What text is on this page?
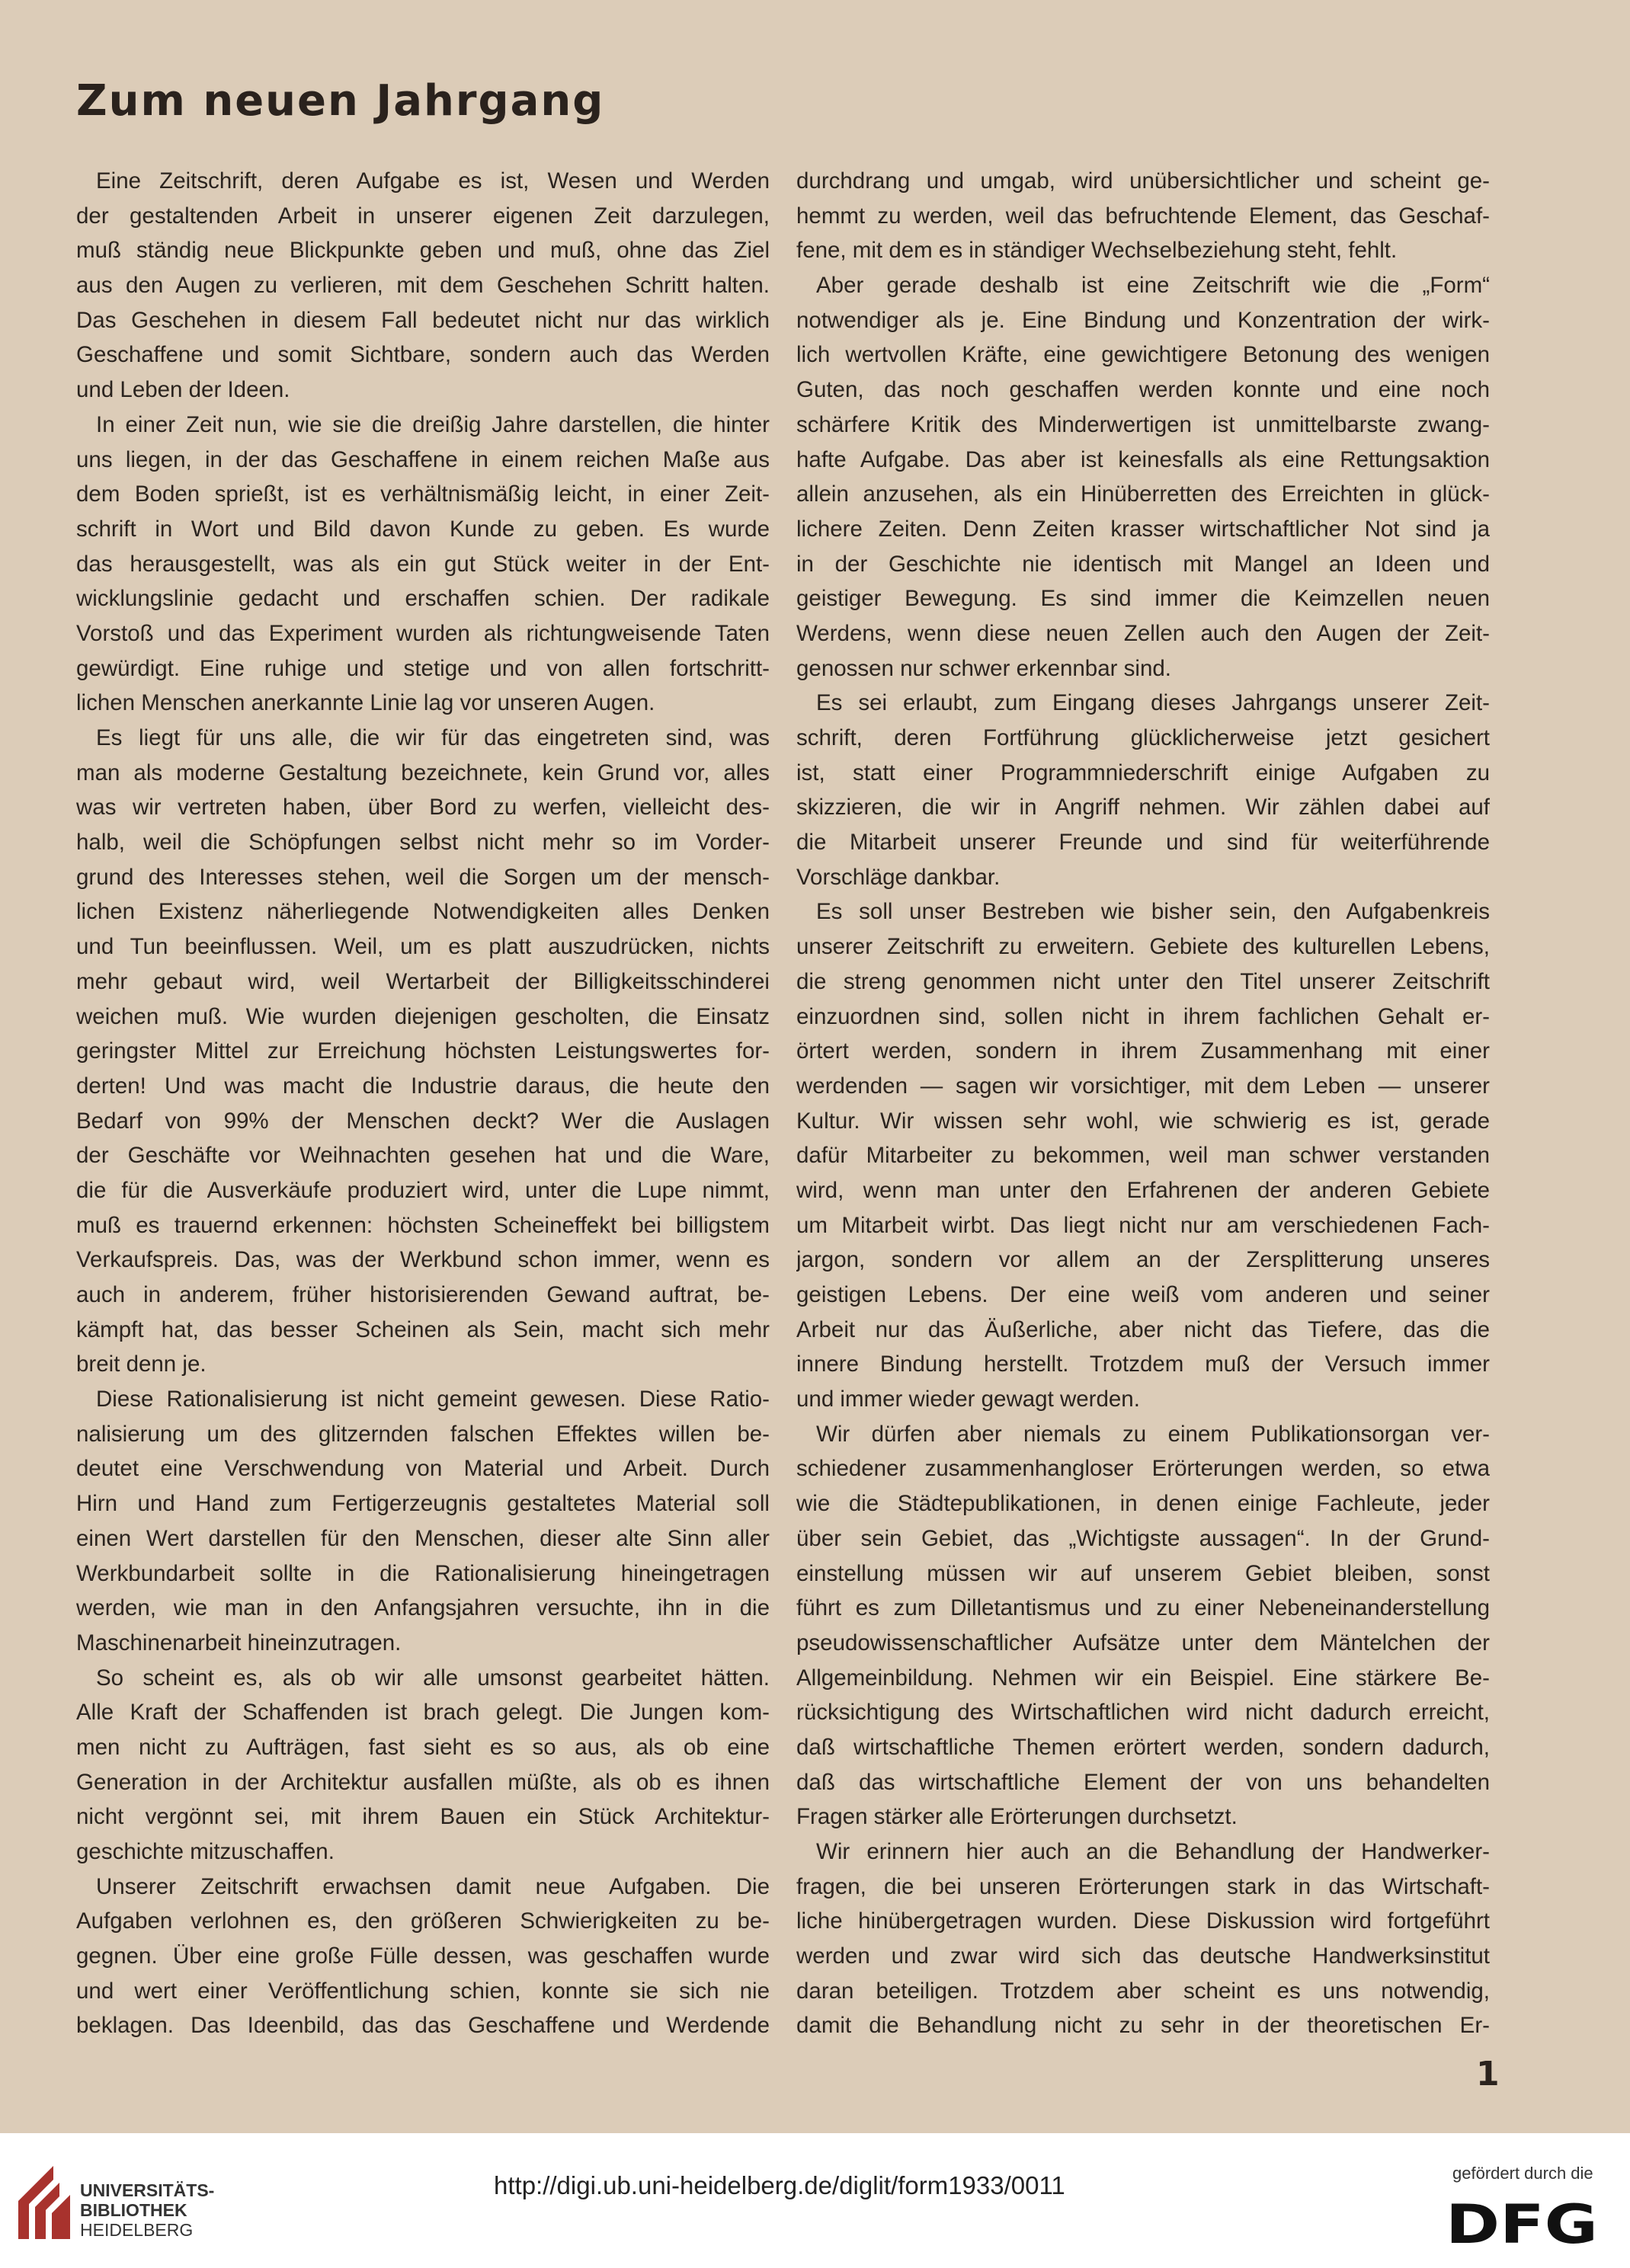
Zum neuen Jahrgang
Eine Zeitschrift, deren Aufgabe es ist, Wesen und Werden
der gestaltenden Arbeit in unserer eigenen Zeit darzulegen,
muß ständig neue Blickpunkte geben und muß, ohne das Ziel
aus den Augen zu verlieren, mit dem Geschehen Schritt halten.
Das Geschehen in diesem Fall bedeutet nicht nur das wirklich
Geschaffene und somit Sichtbare, sondern auch das Werden
und Leben der Ideen.
In einer Zeit nun, wie sie die dreißig Jahre darstellen, die hinter
uns liegen, in der das Geschaffene in einem reichen Maße aus
dem Boden sprießt, ist es verhältnismäßig leicht, in einer Zeit-
schrift in Wort und Bild davon Kunde zu geben. Es wurde
das herausgestellt, was als ein gut Stück weiter in der Ent-
wicklungslinie gedacht und erschaffen schien. Der radikale
Vorstoß und das Experiment wurden als richtungweisende Taten
gewürdigt. Eine ruhige und stetige und von allen fortschritt-
lichen Menschen anerkannte Linie lag vor unseren Augen.
Es liegt für uns alle, die wir für das eingetreten sind, was
man als moderne Gestaltung bezeichnete, kein Grund vor, alles
was wir vertreten haben, über Bord zu werfen, vielleicht des-
halb, weil die Schöpfungen selbst nicht mehr so im Vorder-
grund des Interesses stehen, weil die Sorgen um der mensch-
lichen Existenz näherliegende Notwendigkeiten alles Denken
und Tun beeinflussen. Weil, um es platt auszudrücken, nichts
mehr gebaut wird, weil Wertarbeit der Billigkeitsschinderei
weichen muß. Wie wurden diejenigen gescholten, die Einsatz
geringster Mittel zur Erreichung höchsten Leistungswertes for-
derten! Und was macht die Industrie daraus, die heute den
Bedarf von 99% der Menschen deckt? Wer die Auslagen
der Geschäfte vor Weihnachten gesehen hat und die Ware,
die für die Ausverkäufe produziert wird, unter die Lupe nimmt,
muß es trauernd erkennen: höchsten Scheineffekt bei billigstem
Verkaufspreis. Das, was der Werkbund schon immer, wenn es
auch in anderem, früher historisierenden Gewand auftrat, be-
kämpft hat, das besser Scheinen als Sein, macht sich mehr
breit denn je.
Diese Rationalisierung ist nicht gemeint gewesen. Diese Ratio-
nalisierung um des glitzernden falschen Effektes willen be-
deutet eine Verschwendung von Material und Arbeit. Durch
Hirn und Hand zum Fertigerzeugnis gestaltetes Material soll
einen Wert darstellen für den Menschen, dieser alte Sinn aller
Werkbundarbeit sollte in die Rationalisierung hineingetragen
werden, wie man in den Anfangsjahren versuchte, ihn in die
Maschinenarbeit hineinzutragen.
So scheint es, als ob wir alle umsonst gearbeitet hätten.
Alle Kraft der Schaffenden ist brach gelegt. Die Jungen kom-
men nicht zu Aufträgen, fast sieht es so aus, als ob eine
Generation in der Architektur ausfallen müßte, als ob es ihnen
nicht vergönnt sei, mit ihrem Bauen ein Stück Architektur-
geschichte mitzuschaffen.
Unserer Zeitschrift erwachsen damit neue Aufgaben. Die
Aufgaben verlohnen es, den größeren Schwierigkeiten zu be-
gegnen. Über eine große Fülle dessen, was geschaffen wurde
und wert einer Veröffentlichung schien, konnte sie sich nie
beklagen. Das Ideenbild, das das Geschaffene und Werdende
durchdrang und umgab, wird unübersichtlicher und scheint ge-
hemmt zu werden, weil das befruchtende Element, das Geschaf-
fene, mit dem es in ständiger Wechselbeziehung steht, fehlt.
Aber gerade deshalb ist eine Zeitschrift wie die „Form“
notwendiger als je. Eine Bindung und Konzentration der wirk-
lich wertvollen Kräfte, eine gewichtigere Betonung des wenigen
Guten, das noch geschaffen werden konnte und eine noch
schärfere Kritik des Minderwertigen ist unmittelbarste zwang-
hafte Aufgabe. Das aber ist keinesfalls als eine Rettungsaktion
allein anzusehen, als ein Hinüberretten des Erreichten in glück-
lichere Zeiten. Denn Zeiten krasser wirtschaftlicher Not sind ja
in der Geschichte nie identisch mit Mangel an Ideen und
geistiger Bewegung. Es sind immer die Keimzellen neuen
Werdens, wenn diese neuen Zellen auch den Augen der Zeit-
genossen nur schwer erkennbar sind.
Es sei erlaubt, zum Eingang dieses Jahrgangs unserer Zeit-
schrift, deren Fortführung glücklicherweise jetzt gesichert
ist, statt einer Programmniederschrift einige Aufgaben zu
skizzieren, die wir in Angriff nehmen. Wir zählen dabei auf
die Mitarbeit unserer Freunde und sind für weiterführende
Vorschläge dankbar.
Es soll unser Bestreben wie bisher sein, den Aufgabenkreis
unserer Zeitschrift zu erweitern. Gebiete des kulturellen Lebens,
die streng genommen nicht unter den Titel unserer Zeitschrift
einzuordnen sind, sollen nicht in ihrem fachlichen Gehalt er-
örtert werden, sondern in ihrem Zusammenhang mit einer
werdenden — sagen wir vorsichtiger, mit dem Leben — unserer
Kultur. Wir wissen sehr wohl, wie schwierig es ist, gerade
dafür Mitarbeiter zu bekommen, weil man schwer verstanden
wird, wenn man unter den Erfahrenen der anderen Gebiete
um Mitarbeit wirbt. Das liegt nicht nur am verschiedenen Fach-
jargon, sondern vor allem an der Zersplitterung unseres
geistigen Lebens. Der eine weiß vom anderen und seiner
Arbeit nur das Äußerliche, aber nicht das Tiefere, das die
innere Bindung herstellt. Trotzdem muß der Versuch immer
und immer wieder gewagt werden.
Wir dürfen aber niemals zu einem Publikationsorgan ver-
schiedener zusammenhangloser Erörterungen werden, so etwa
wie die Städtepublikationen, in denen einige Fachleute, jeder
über sein Gebiet, das „Wichtigste aussagen“. In der Grund-
einstellung müssen wir auf unserem Gebiet bleiben, sonst
führt es zum Dilletantismus und zu einer Nebeneinanderstellung
pseudowissenschaftlicher Aufsätze unter dem Mäntelchen der
Allgemeinbildung. Nehmen wir ein Beispiel. Eine stärkere Be-
rücksichtigung des Wirtschaftlichen wird nicht dadurch erreicht,
daß wirtschaftliche Themen erörtert werden, sondern dadurch,
daß das wirtschaftliche Element der von uns behandelten
Fragen stärker alle Erörterungen durchsetzt.
Wir erinnern hier auch an die Behandlung der Handwerker-
fragen, die bei unseren Erörterungen stark in das Wirtschaft-
liche hinübergetragen wurden. Diese Diskussion wird fortgeführt
werden und zwar wird sich das deutsche Handwerksinstitut
daran beteiligen. Trotzdem aber scheint es uns notwendig,
damit die Behandlung nicht zu sehr in der theoretischen Er-
1
UNIVERSITÄTS-
BIBLIOTHEK
HEIDELBERG
http://digi.ub.uni-heidelberg.de/diglit/form1933/0011	gefördert durch die
DFG
